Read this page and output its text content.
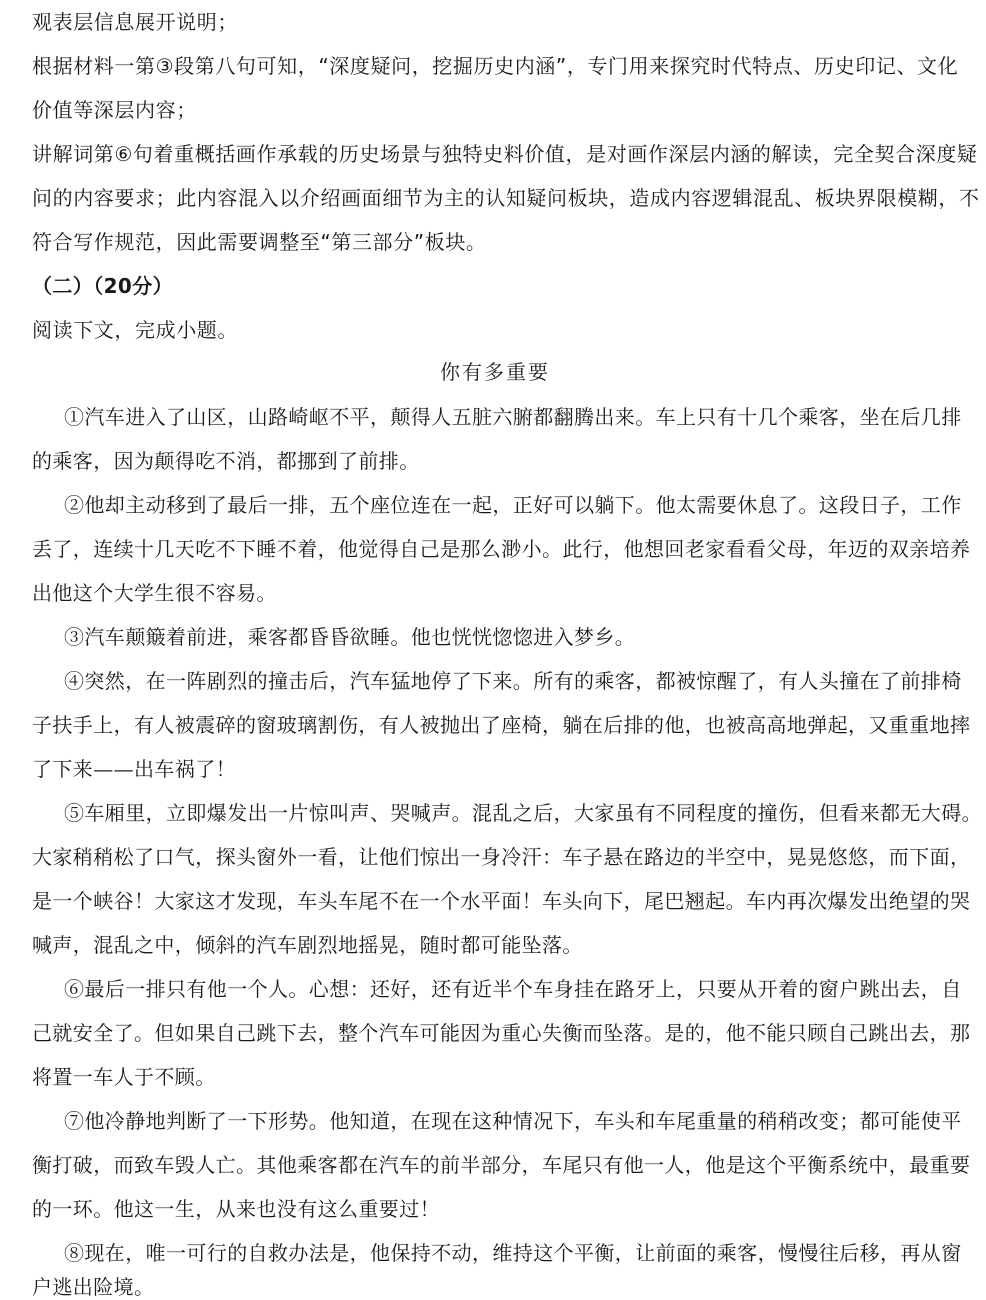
观表层信息展开说明；
根据材料一第③段第八句可知，“深度疑问，挖掘历史内涵”，专门用来探究时代特点、历史印记、文化
价值等深层内容；
讲解词第⑥句着重概括画作承载的历史场景与独特史料价值，是对画作深层内涵的解读，完全契合深度疑
问的内容要求；此内容混入以介绍画面细节为主的认知疑问板块，造成内容逻辑混乱、板块界限模糊，不
符合写作规范，因此需要调整至“第三部分”板块。
（二）（20分）
阅读下文，完成小题。
你有多重要
①汽车进入了山区，山路崎岖不平，颠得人五脏六腑都翻腾出来。车上只有十几个乘客，坐在后几排
的乘客，因为颠得吃不消，都挪到了前排。
②他却主动移到了最后一排，五个座位连在一起，正好可以躺下。他太需要休息了。这段日子，工作
丢了，连续十几天吃不下睡不着，他觉得自己是那么渺小。此行，他想回老家看看父母，年迈的双亲培养
出他这个大学生很不容易。
③汽车颠簸着前进，乘客都昏昏欲睡。他也恍恍惚惚进入梦乡。
④突然，在一阵剧烈的撞击后，汽车猛地停了下来。所有的乘客，都被惊醒了，有人头撞在了前排椅
子扶手上，有人被震碎的窗玻璃割伤，有人被抛出了座椅，躺在后排的他，也被高高地弹起，又重重地摔
了下来——出车祸了！
⑤车厢里，立即爆发出一片惊叫声、哭喊声。混乱之后，大家虽有不同程度的撞伤，但看来都无大碍。
大家稍稍松了口气，探头窗外一看，让他们惊出一身冷汗：车子悬在路边的半空中，晃晃悠悠，而下面，
是一个峡谷！大家这才发现，车头车尾不在一个水平面！车头向下，尾巴翘起。车内再次爆发出绝望的哭
喊声，混乱之中，倾斜的汽车剧烈地摇晃，随时都可能坠落。
⑥最后一排只有他一个人。心想：还好，还有近半个车身挂在路牙上，只要从开着的窗户跳出去，自
己就安全了。但如果自己跳下去，整个汽车可能因为重心失衡而坠落。是的，他不能只顾自己跳出去，那
将置一车人于不顾。
⑦他冷静地判断了一下形势。他知道，在现在这种情况下，车头和车尾重量的稍稍改变；都可能使平
衡打破，而致车毁人亡。其他乘客都在汽车的前半部分，车尾只有他一人，他是这个平衡系统中，最重要
的一环。他这一生，从来也没有这么重要过！
⑧现在，唯一可行的自救办法是，他保持不动，维持这个平衡，让前面的乘客，慢慢往后移，再从窗
户逃出险境。
